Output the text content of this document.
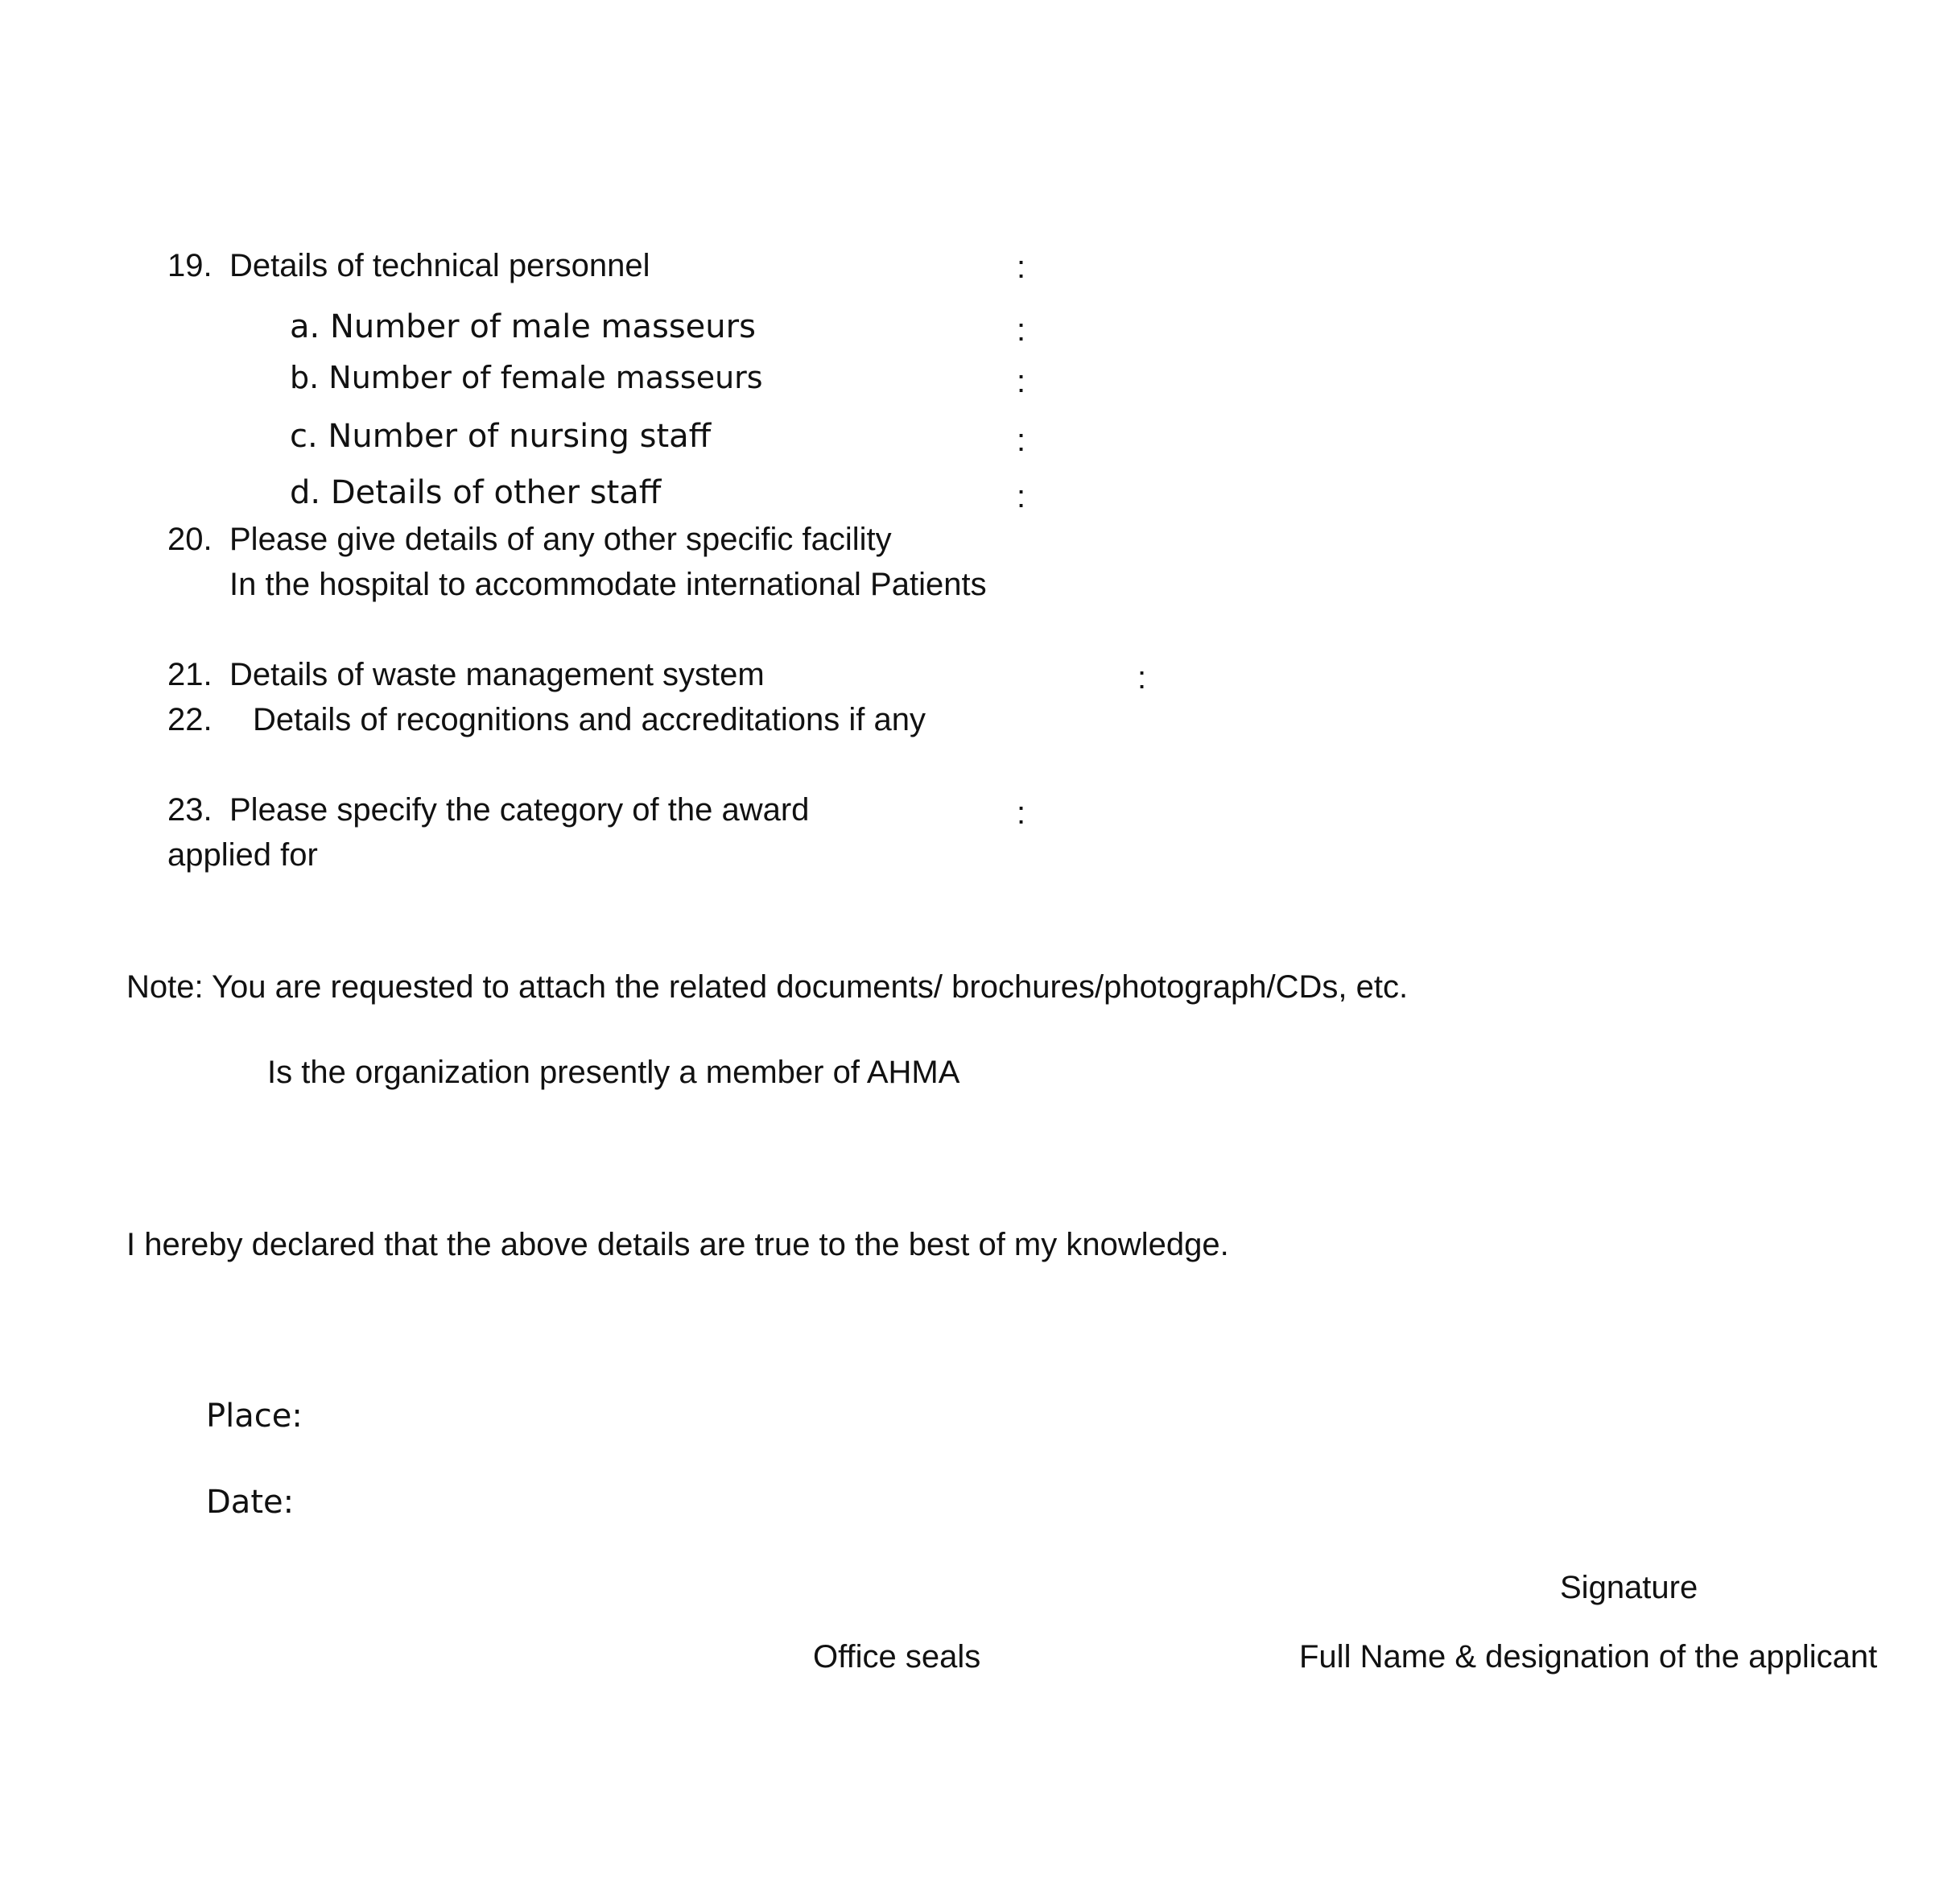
19. Details of technical personnel	:
a. Number of male masseurs	:
b. Number of female masseurs	:
c. Number of nursing staff	:
d. Details of other staff	:
20. Please give details of any other specific facility
In the hospital to accommodate international Patients
21. Details of waste management system	:
22. Details of recognitions and accreditations if any
23. Please specify the category of the award	:
applied for
Note: You are requested to attach the related documents/ brochures/photograph/CDs, etc.
Is the organization presently a member of AHMA
I hereby declared that the above details are true to the best of my knowledge.
Place:
Date:
Signature
Office seals	Full Name & designation of the applicant
